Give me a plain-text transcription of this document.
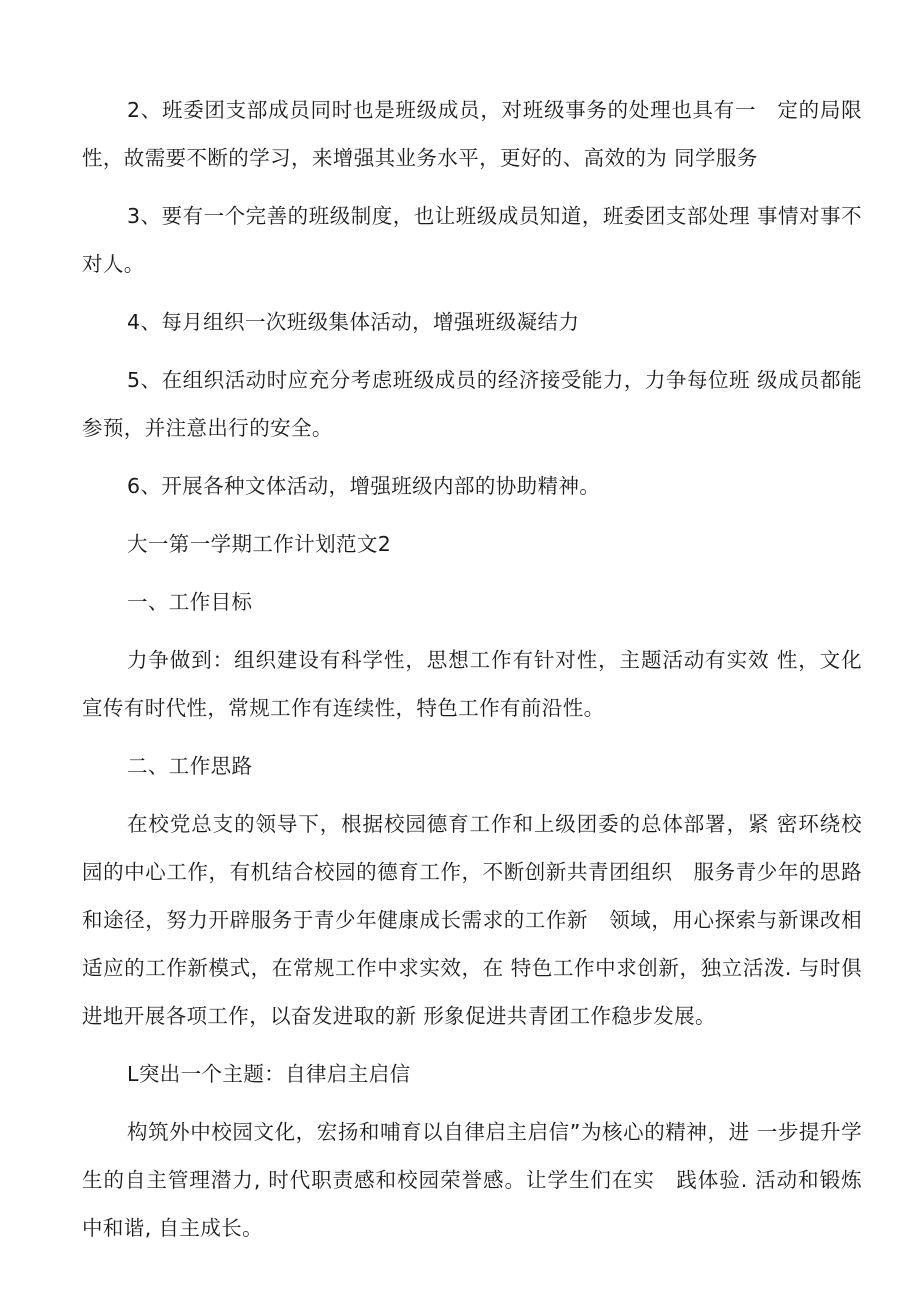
2、班委团支部成员同时也是班级成员，对班级事务的处理也具有一　定的局限性，故需要不断的学习，来增强其业务水平，更好的、高效的为 同学服务

3、要有一个完善的班级制度，也让班级成员知道，班委团支部处理 事情对事不对人。

4、每月组织一次班级集体活动，增强班级凝结力

5、在组织活动时应充分考虑班级成员的经济接受能力，力争每位班 级成员都能参预，并注意出行的安全。

6、开展各种文体活动，增强班级内部的协助精神。

大一第一学期工作计划范文2

一、工作目标

力争做到：组织建设有科学性，思想工作有针对性，主题活动有实效 性，文化宣传有时代性，常规工作有连续性，特色工作有前沿性。

二、工作思路

在校党总支的领导下，根据校园德育工作和上级团委的总体部署，紧 密环绕校园的中心工作，有机结合校园的德育工作，不断创新共青团组织　服务青少年的思路和途径，努力开辟服务于青少年健康成长需求的工作新　领域，用心探索与新课改相适应的工作新模式，在常规工作中求实效，在 特色工作中求创新，独立活泼. 与时俱进地开展各项工作，以奋发进取的新 形象促进共青团工作稳步发展。

L突出一个主题：自律启主启信

构筑外中校园文化，宏扬和哺育以自律启主启信”为核心的精神，进 一步提升学生的自主管理潜力, 时代职责感和校园荣誉感。让学生们在实　践体验. 活动和锻炼中和谐, 自主成长。
